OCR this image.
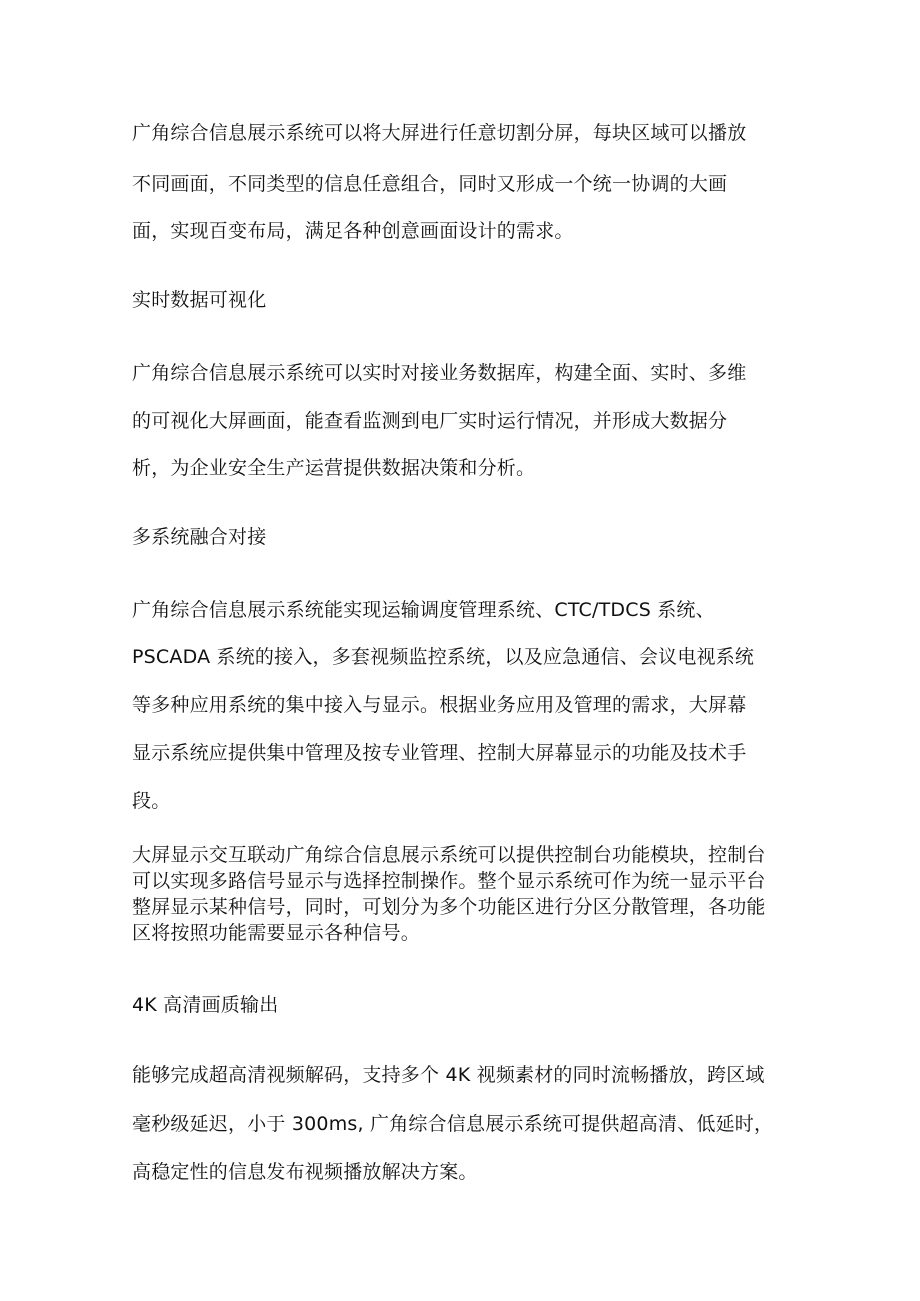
广角综合信息展示系统可以将大屏进行任意切割分屏，每块区域可以播放
不同画面，不同类型的信息任意组合，同时又形成一个统一协调的大画
面，实现百变布局，满足各种创意画面设计的需求。
实时数据可视化
广角综合信息展示系统可以实时对接业务数据库，构建全面、实时、多维
的可视化大屏画面，能查看监测到电厂实时运行情况，并形成大数据分
析，为企业安全生产运营提供数据决策和分析。
多系统融合对接
广角综合信息展示系统能实现运输调度管理系统、CTC/TDCS 系统、
PSCADA 系统的接入，多套视频监控系统，以及应急通信、会议电视系统
等多种应用系统的集中接入与显示。根据业务应用及管理的需求，大屏幕
显示系统应提供集中管理及按专业管理、控制大屏幕显示的功能及技术手
段。
大屏显示交互联动广角综合信息展示系统可以提供控制台功能模块，控制台
可以实现多路信号显示与选择控制操作。整个显示系统可作为统一显示平台
整屏显示某种信号，同时，可划分为多个功能区进行分区分散管理，各功能
区将按照功能需要显示各种信号。
4K 高清画质输出
能够完成超高清视频解码，支持多个 4K 视频素材的同时流畅播放，跨区域
毫秒级延迟，小于 300ms, 广角综合信息展示系统可提供超高清、低延时，
高稳定性的信息发布视频播放解决方案。
